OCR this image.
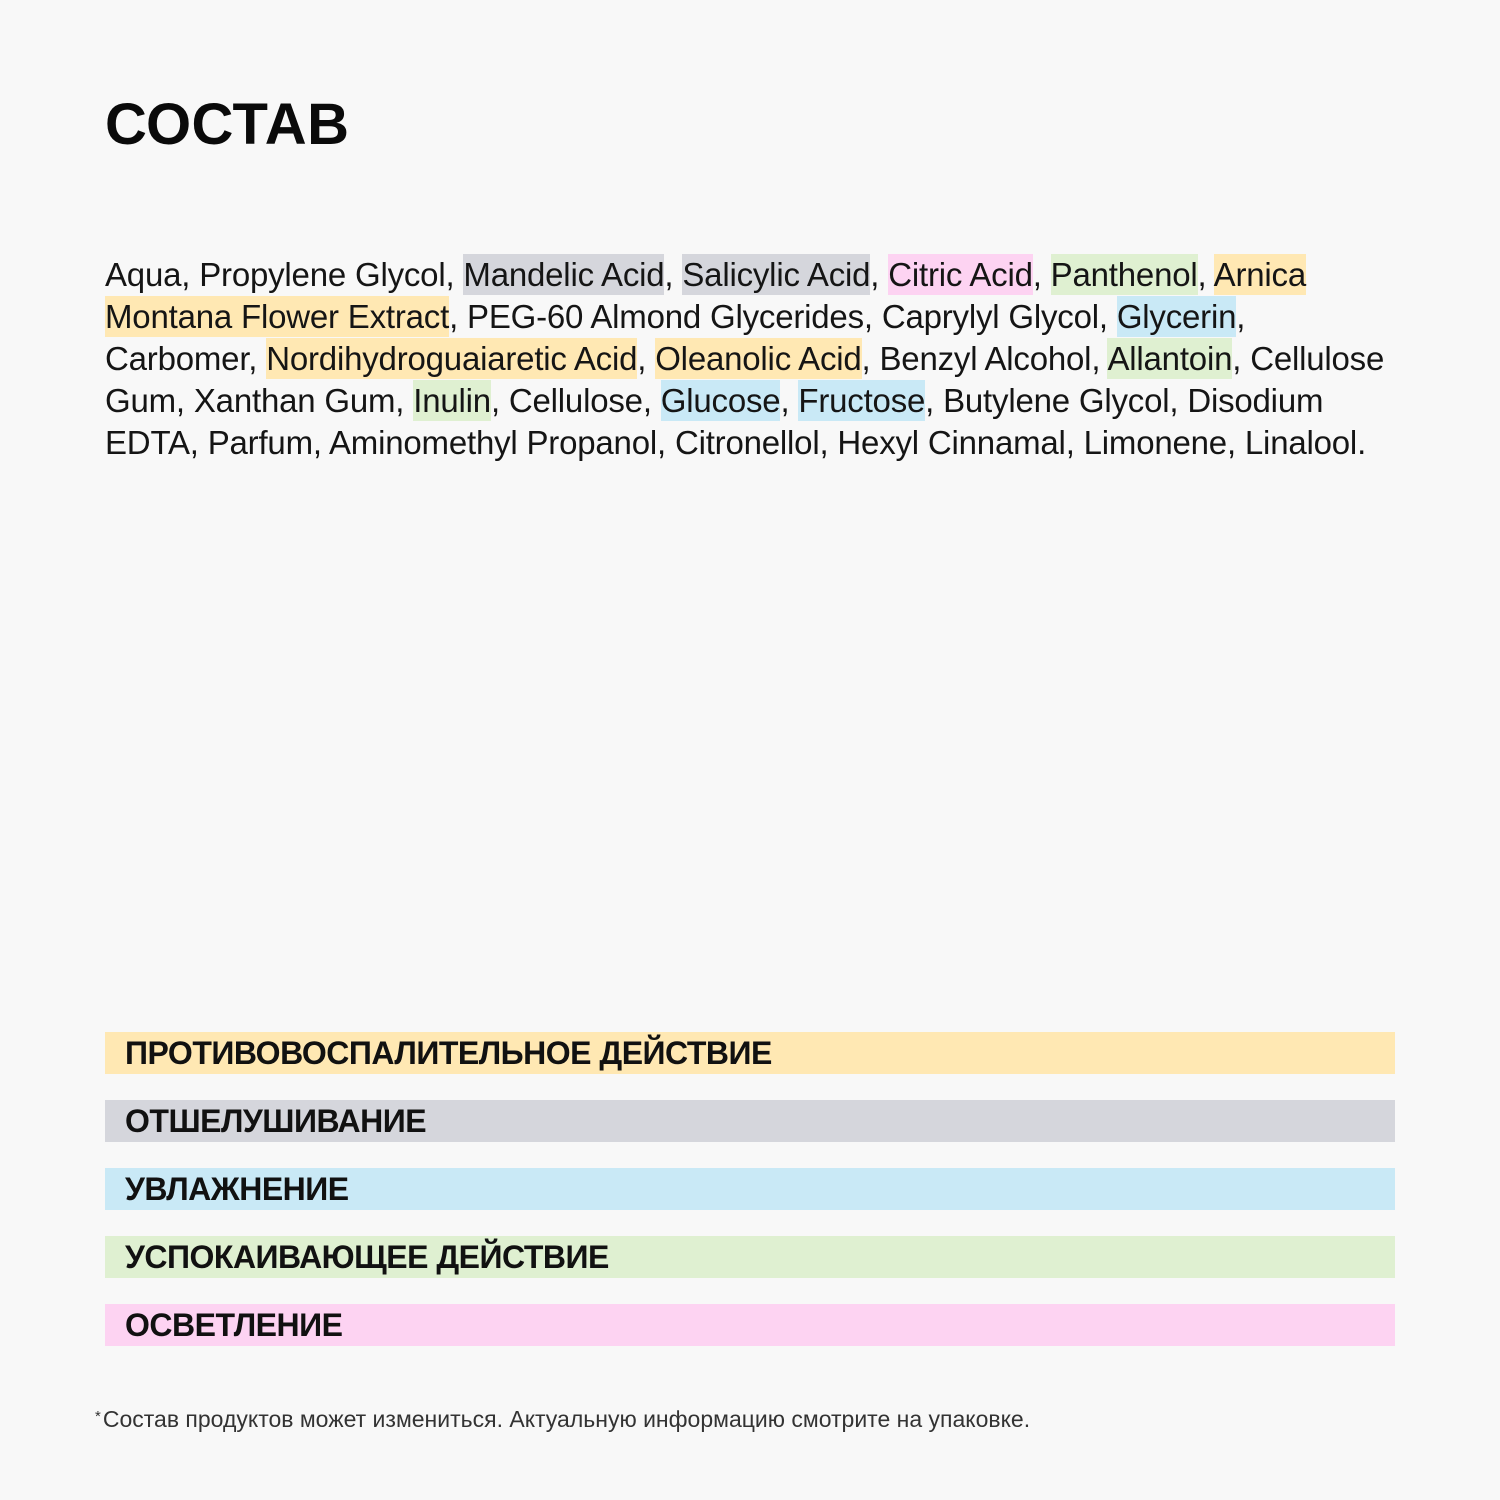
СОСТАВ
Aqua, Propylene Glycol, Mandelic Acid, Salicylic Acid, Citric Acid, Panthenol, Arnica Montana Flower Extract, PEG-60 Almond Glycerides, Caprylyl Glycol, Glycerin, Carbomer, Nordihydroguaiaretic Acid, Oleanolic Acid, Benzyl Alcohol, Allantoin, Cellulose Gum, Xanthan Gum, Inulin, Cellulose, Glucose, Fructose, Butylene Glycol, Disodium EDTA, Parfum, Aminomethyl Propanol, Citronellol, Hexyl Cinnamal, Limonene, Linalool.
ПРОТИВОВОСПАЛИТЕЛЬНОЕ ДЕЙСТВИЕ
ОТШЕЛУШИВАНИЕ
УВЛАЖНЕНИЕ
УСПОКАИВАЮЩЕЕ ДЕЙСТВИЕ
ОСВЕТЛЕНИЕ
*Состав продуктов может измениться. Актуальную информацию смотрите на упаковке.
